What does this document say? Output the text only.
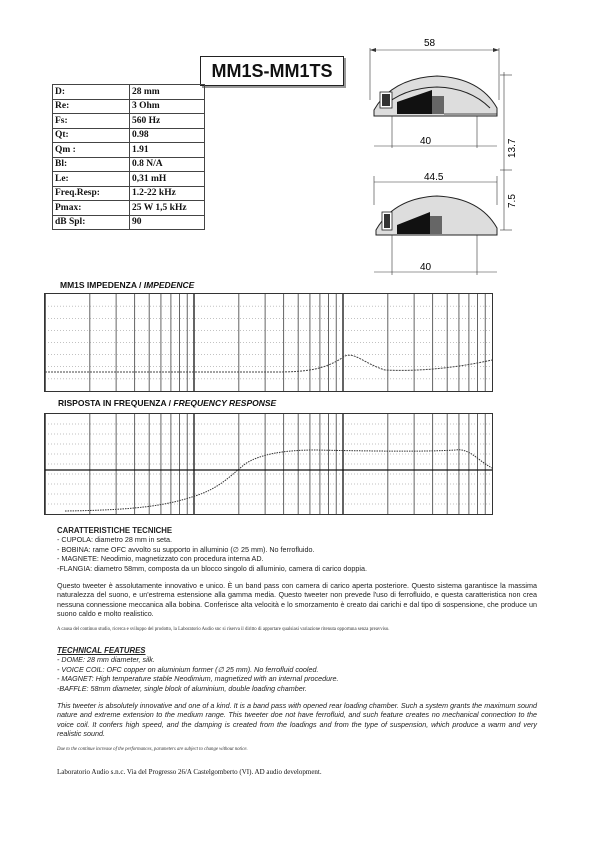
MM1S-MM1TS
D:	28 mm
Re:	3 Ohm
Fs:	560 Hz
Qt:	0.98
Qm :	1.91
Bl:	0.8 N/A
Le:	0,31 mH
Freq.Resp:	1.2-22 kHz
Pmax:	25 W 1,5 kHz
dB Spl:	90
58
40	13.7
7.5
44.5
40
MM1S IMPEDENZA / IMPEDENCE
RISPOSTA IN FREQUENZA / FREQUENCY RESPONSE
CARATTERISTICHE TECNICHE
- CUPOLA: diametro 28 mm in seta.
- BOBINA: rame OFC avvolto su supporto in alluminio (∅ 25 mm). No ferrofluido.
- MAGNETE: Neodimio, magnetizzato con procedura interna AD.
-FLANGIA: diametro 58mm, composta da un blocco singolo di alluminio, camera di carico doppia.

Questo tweeter è assolutamente innovativo e unico. È un band pass con camera di carico aperta posteriore. Questo sistema garantisce la massima naturalezza del suono, e un'estrema estensione alla gamma media. Questo tweeter non prevede l'uso di ferrofluido, e questa caratteristica non crea nessuna connessione meccanica alla bobina. Conferisce alta velocità e lo smorzamento è creato dai carichi e dal tipo di sospensione, che produce un suono caldo e molto realistico.

A causa del continuo studio, ricerca e sviluppo del prodotto, la Laboratorio Audio snc si riserva il diritto di apportare qualsiasi variazione ritenuta opportuna senza preavviso.

TECHNICAL FEATURES
- DOME: 28 mm diameter, silk.
- VOICE COIL: OFC copper on aluminium former (∅ 25 mm). No ferrofluid cooled.
- MAGNET: High temperature stable Neodimium, magnetized with an internal procedure.
-BAFFLE: 58mm diameter, single block of aluminium, double loading chamber.

This tweeter is absolutely innovative and one of a kind. It is a band pass with opened rear loading chamber. Such a system grants the maximum sound nature and extreme extension to the medium range. This tweeter doe not have ferrofluid, and such feature creates no mechanical connection to the voice coil. It confers high speed, and the damping is created from the loadings and from the type of suspension, which produce a warm and very realistic sound.

Due to the continue increase of the performances, parameters are subject to change without notice.

Laboratorio Audio s.n.c. Via del Progresso 26/A Castelgomberto (VI). AD audio development.
